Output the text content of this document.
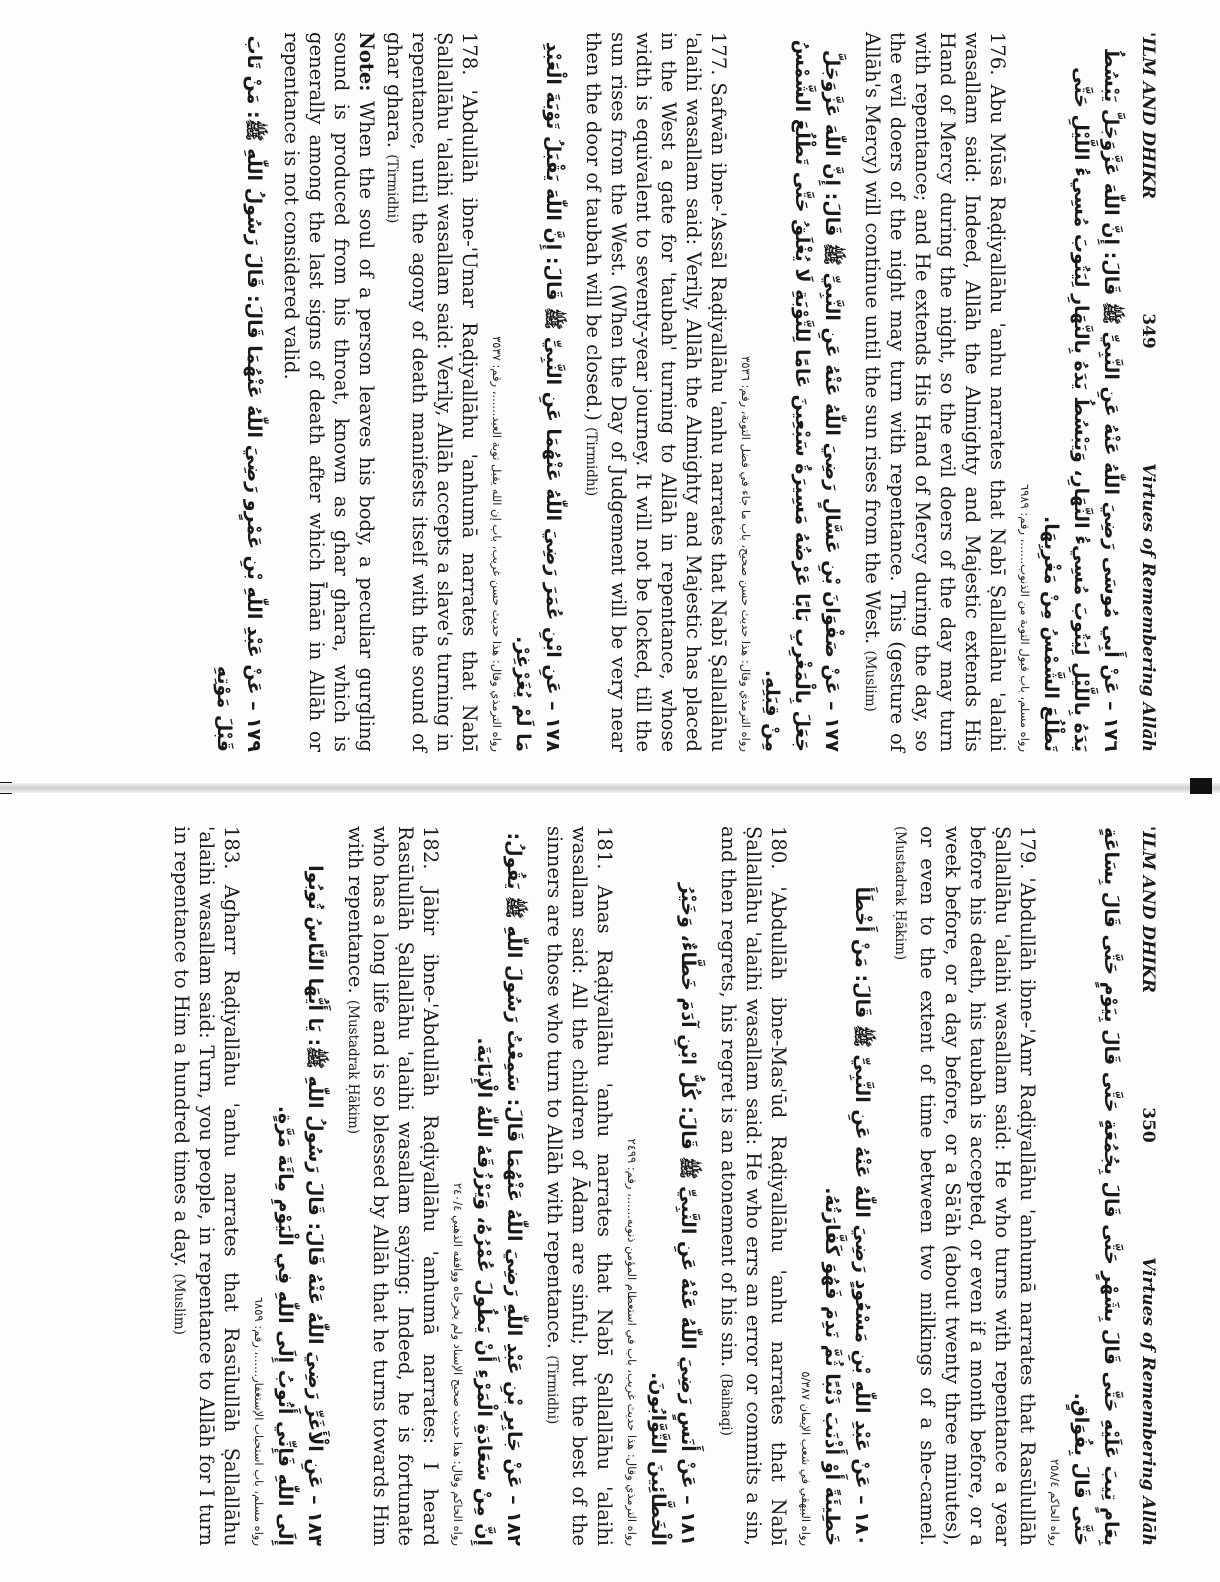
'ILM AND DHIKR
349
Virtues of Remembering Allāh
١٧٦ – عَنْ أَبِي مُوسَى رَضِيَ اللّٰهُ عَنْهُ عَنِ النَّبِيِّ ﷺ قَالَ: إِنَّ اللّٰهَ عَزَّوَجَلَّ يَبْسُطُ يَدَهُ بِاللَّيْلِ لِيَتُوبَ مُسِيءُ النَّهَارِ، وَيَبْسُطُ يَدَهُ بِالنَّهَارِ لِيَتُوبَ مُسِيءُ اللَّيْلِ حَتَّى تَطْلُعَ الشَّمْسُ مِنْ مَغْرِبِهَا.
رواه مسلم، باب قبول التوبة من الذنوب......، رقم: ٦٩٨٩

176. Abu Mūsā Raḍiyallāhu 'anhu narrates that Nabī Ṣallallāhu 'alaihi wasallam said: Indeed, Allāh the Almighty and Majestic extends His Hand of Mercy during the night, so the evil doers of the day may turn with repentance; and He extends His Hand of Mercy during the day, so the evil doers of the night may turn with repentance. This (gesture of Allāh's Mercy) will continue until the sun rises from the West. (Muslim)

١٧٧ – عَنْ صَفْوَانَ بْنِ عَسَّالٍ رَضِيَ اللّٰهُ عَنْهُ عَنِ النَّبِيِّ ﷺ قَالَ: إِنَّ اللّٰهَ عَزَّوَجَلَّ جَعَلَ بِالْمَغْرِبِ بَابًا عَرْضُهُ مَسِيرَةُ سَبْعِينَ عَامًا لِلتَّوْبَةِ لَا يُغْلَقُ حَتَّى تَطْلُعَ الشَّمْسُ مِنْ قِبَلِهِ.
رواه الترمذي وقال: هذا حديث حسن صحيح، باب ما جاء في فضل التوبة، رقم: ٣٥٣٦

177. Safwān ibne-'Assāl Raḍiyallāhu 'anhu narrates that Nabī Ṣallallāhu 'alaihi wasallam said: Verily, Allāh the Almighty and Majestic has placed in the West a gate for 'taubah' turning to Allāh in repentance, whose width is equivalent to seventy-year journey. It will not be locked, till the sun rises from the West. (When the Day of Judgement will be very near then the door of taubah will be closed.) (Tirmidhi)

١٧٨ – عَنِ ابْنِ عُمَرَ رَضِيَ اللّٰهُ عَنْهُمَا عَنِ النَّبِيِّ ﷺ قَالَ: إِنَّ اللّٰهَ يَقْبَلُ تَوْبَةَ الْعَبْدِ مَا لَمْ يُغَرْغِرْ.
رواه الترمذي وقال: هذا حديث حسن غريب، باب إن الله يقبل توبة العبد......، رقم: ٣٥٣٧

178. 'Abdullāh ibne-'Umar Raḍiyallāhu 'anhumā narrates that Nabī Ṣallallāhu 'alaihi wasallam said: Verily, Allāh accepts a slave's turning in repentance, until the agony of death manifests itself with the sound of ghar ghara. (Tirmidhi)
Note: When the soul of a person leaves his body, a peculiar gurgling sound is produced from his throat, known as ghar ghara, which is generally among the last signs of death after which Īmān in Allāh or repentance is not considered valid.

١٧٩ – عَنْ عَبْدِ اللّٰهِ بْنِ عَمْرٍو رَضِيَ اللّٰهُ عَنْهُمَا قَالَ: قَالَ رَسُولُ اللّٰهِ ﷺ: مَنْ تَابَ قَبْلَ مَوْتِهِ
'ILM AND DHIKR
350
Virtues of Remembering Allāh
بِعَامٍ تِيبَ عَلَيْهِ حَتَّى قَالَ بِشَهْرٍ حَتَّى قَالَ بِجُمُعَةٍ حَتَّى قَالَ بِيَوْمٍ حَتَّى قَالَ بِسَاعَةٍ حَتَّى قَالَ بِفُوَاقٍ.
رواه الحاكم ٢٥٨/٤

179. 'Abdullāh ibne-'Amr Raḍiyallāhu 'anhumā narrates that Rasūlullāh Ṣallallāhu 'alaihi wasallam said: He who turns with repentance a year before his death, his taubah is accepted, or even if a month before, or a week before, or a day before, or a Sā'āh (about twenty three minutes), or even to the extent of time between two milkings of a she-camel. (Mustadrak Ḥākim)

١٨٠ – عَنْ عَبْدِ اللّٰهِ بْنِ مَسْعُودٍ رَضِيَ اللّٰهُ عَنْهُ عَنِ النَّبِيِّ ﷺ قَالَ: مَنْ أَخْطَأَ خَطِيئَةً أَوْ أَذْنَبَ ذَنْبًا ثُمَّ نَدِمَ فَهُوَ كَفَّارَتُهُ.
رواه البيهقي في شعب الإيمان ٥/٣٨٧

180. 'Abdullāh ibne-Mas'ūd Raḍiyallāhu 'anhu narrates that Nabī Ṣallallāhu 'alaihi wasallam said: He who errs an error or commits a sin, and then regrets, his regret is an atonement of his sin. (Baihaqi)

١٨١ – عَنْ أَنَسٍ رَضِيَ اللّٰهُ عَنْهُ عَنِ النَّبِيِّ ﷺ قَالَ: كُلُّ ابْنِ آدَمَ خَطَّاءٌ، وَخَيْرُ الْخَطَّائِينَ التَّوَّابُونَ.
رواه الترمذي وقال: هذا حديث غريب، باب في استعظام المؤمن ذنوبه......، رقم: ٢٤٩٩

181. Anas Raḍiyallāhu 'anhu narrates that Nabī Ṣallallāhu 'alaihi wasallam said: All the children of Ādam are sinful; but the best of the sinners are those who turn to Allāh with repentance. (Tirmidhi)

١٨٢ – عَنْ جَابِرِ بْنِ عَبْدِ اللّٰهِ رَضِيَ اللّٰهُ عَنْهُمَا قَالَ: سَمِعْتُ رَسُولَ اللّٰهِ ﷺ يَقُولُ: إِنَّ مِنْ سَعَادَةِ الْمَرْءِ أَنْ يَطُولَ عُمْرُهُ، وَيَرْزُقَهُ اللّٰهُ الْإِنَابَةَ.
رواه الحاكم وقال: هذا حديث صحيح الإسناد ولم يخرجاه ووافقه الذهبي ٢٤٠/٤

182. Jābir ibne-'Abdullāh Raḍiyallāhu 'anhumā narrates: I heard Rasūlullāh Ṣallallāhu 'alaihi wasallam saying: Indeed, he is fortunate who has a long life and is so blessed by Allāh that he turns towards Him with repentance. (Mustadrak Ḥākim)

١٨٣ – عَنِ الْأَغَرِّ رَضِيَ اللّٰهُ عَنْهُ قَالَ: قَالَ رَسُولُ اللّٰهِ ﷺ: يَا أَيُّهَا النَّاسُ تُوبُوا إِلَى اللّٰهِ فَإِنِّي أَتُوبُ إِلَى اللّٰهِ فِي الْيَوْمِ مِائَةَ مَرَّةٍ.
رواه مسلم، باب استحباب الإستغفار......، رقم: ٦٨٥٩

183. Agharr Raḍiyallāhu 'anhu narrates that Rasūlullāh Ṣallallāhu 'alaihi wasallam said: Turn, you people, in repentance to Allāh for I turn in repentance to Him a hundred times a day. (Muslim)
